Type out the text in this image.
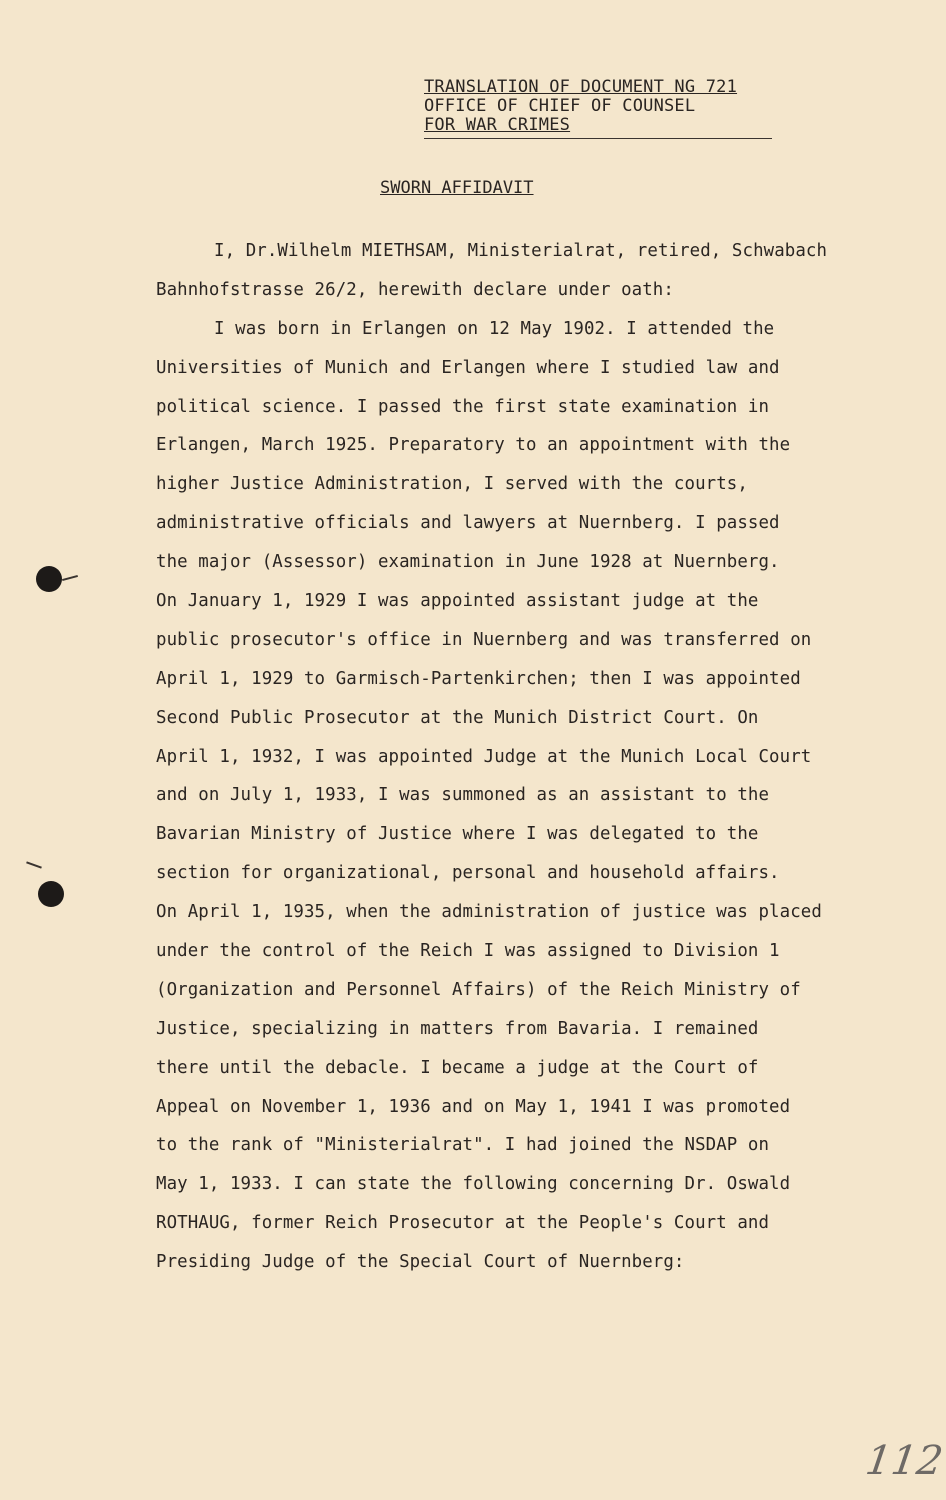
TRANSLATION OF DOCUMENT NG 721
OFFICE OF CHIEF OF COUNSEL
FOR WAR CRIMES
SWORN AFFIDAVIT
I, Dr.Wilhelm MIETHSAM, Ministerialrat, retired, Schwabach
Bahnhofstrasse 26/2, herewith declare under oath:
I was born in Erlangen on 12 May 1902. I attended the
Universities of Munich and Erlangen where I studied law and
political science. I passed the first state examination in
Erlangen, March 1925. Preparatory to an appointment with the
higher Justice Administration, I served with the courts,
administrative officials and lawyers at Nuernberg. I passed
the major (Assessor) examination in June 1928 at Nuernberg.
On January 1, 1929 I was appointed assistant judge at the
public prosecutor's office in Nuernberg and was transferred on
April 1, 1929 to Garmisch-Partenkirchen; then I was appointed
Second Public Prosecutor at the Munich District Court. On
April 1, 1932, I was appointed Judge at the Munich Local Court
and on July 1, 1933, I was summoned as an assistant to the
Bavarian Ministry of Justice where I was delegated to the
section for organizational, personal and household affairs.
On April 1, 1935, when the administration of justice was placed
under the control of the Reich I was assigned to Division 1
(Organization and Personnel Affairs) of the Reich Ministry of
Justice, specializing in matters from Bavaria. I remained
there until the debacle. I became a judge at the Court of
Appeal on November 1, 1936 and on May 1, 1941 I was promoted
to the rank of "Ministerialrat". I had joined the NSDAP on
May 1, 1933. I can state the following concerning Dr. Oswald
ROTHAUG, former Reich Prosecutor at the People's Court and
Presiding Judge of the Special Court of Nuernberg:
112
